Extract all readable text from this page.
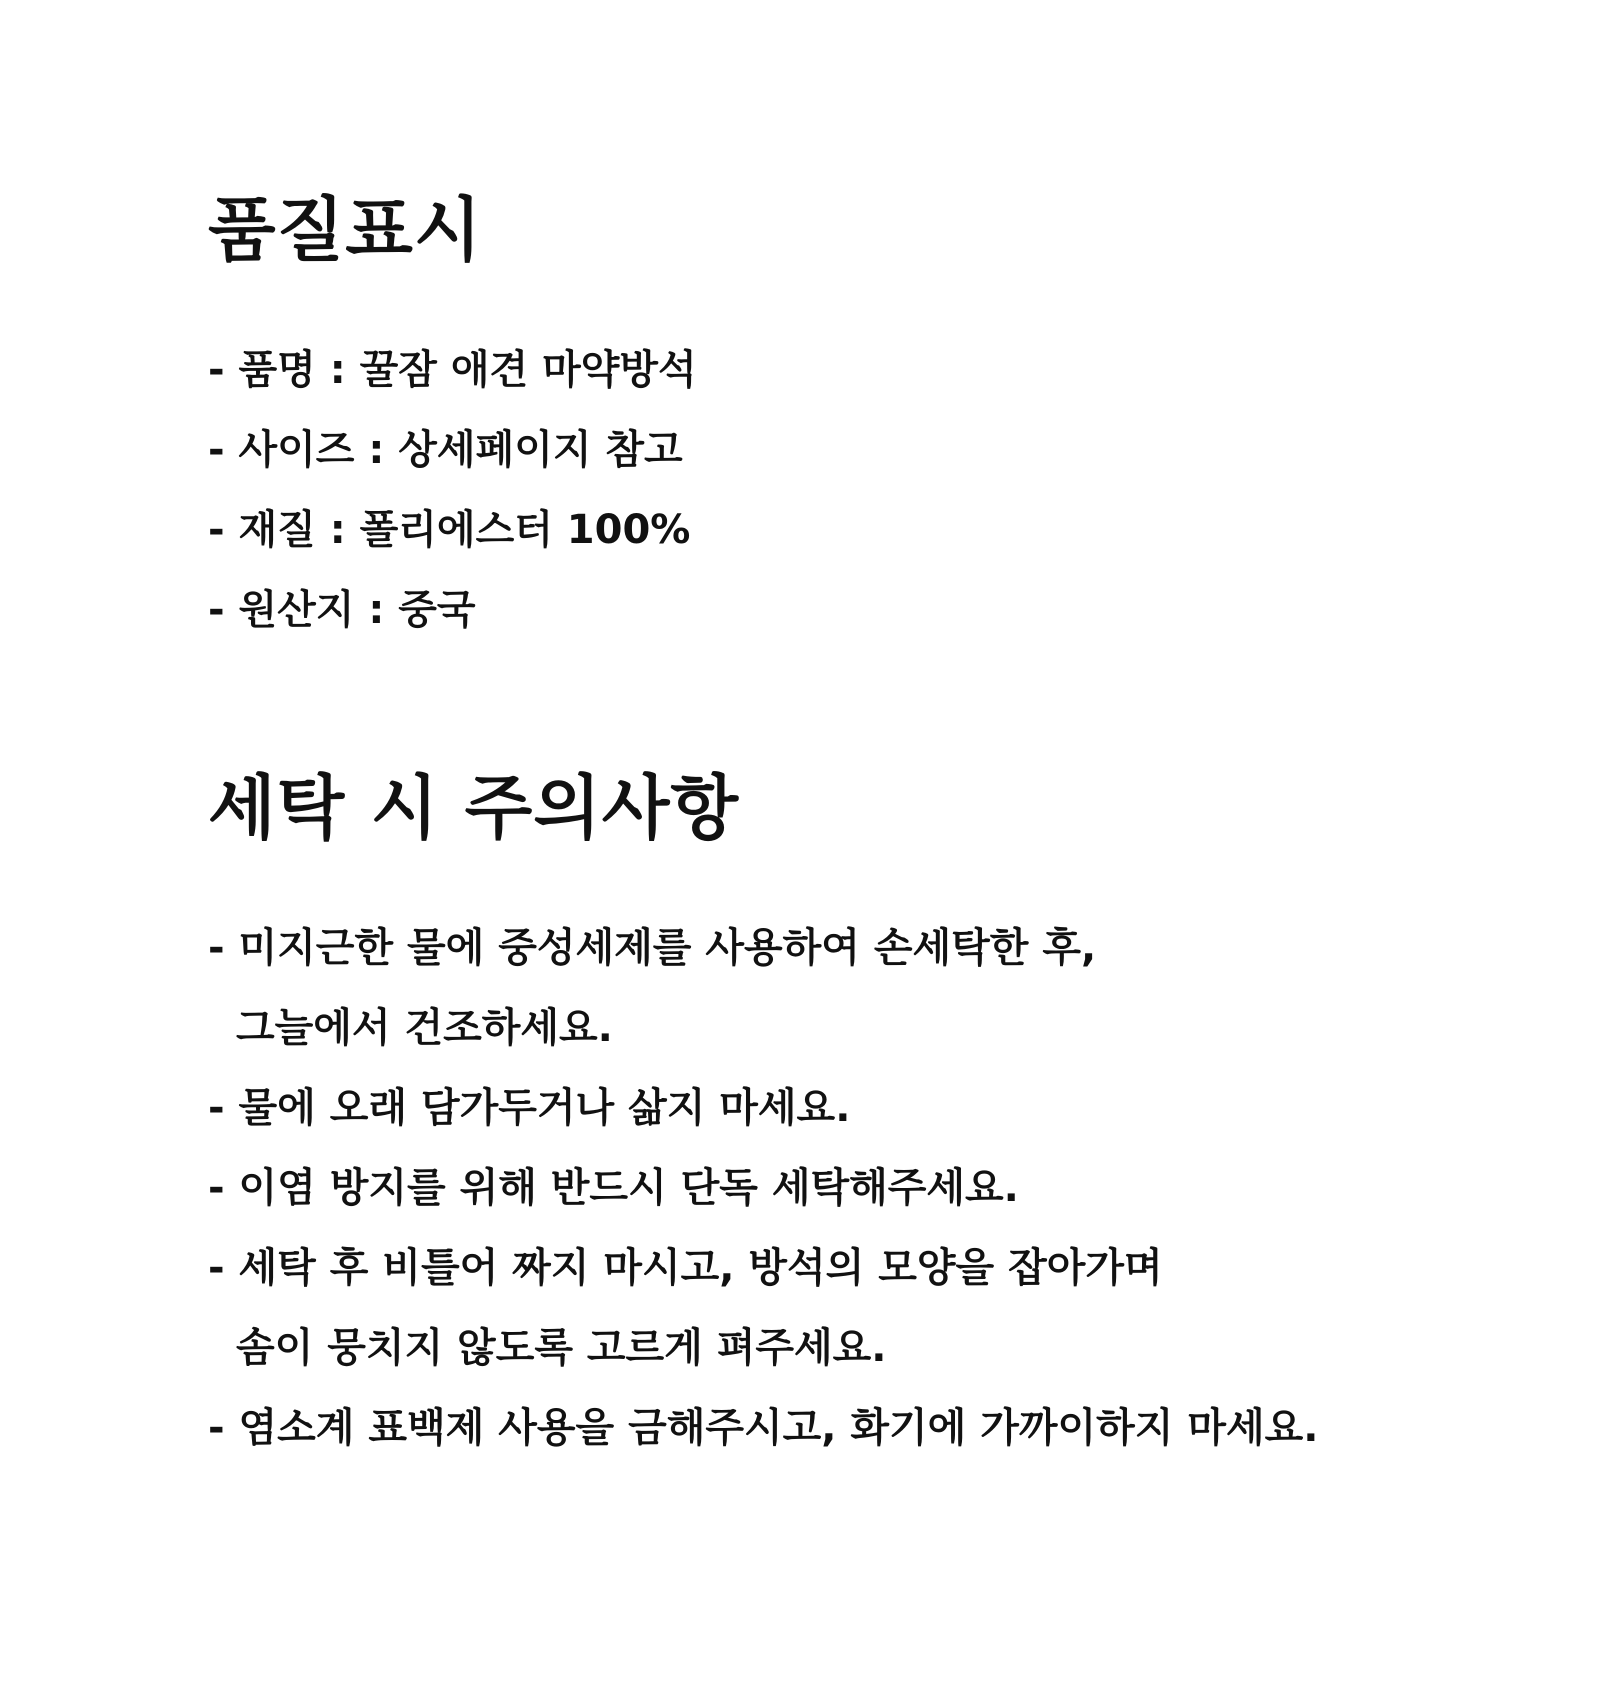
품질표시
- 품명 : 꿀잠 애견 마약방석
- 사이즈 : 상세페이지 참고
- 재질 : 폴리에스터 100%
- 원산지 : 중국
세탁 시 주의사항
- 미지근한 물에 중성세제를 사용하여 손세탁한 후,
그늘에서 건조하세요.
- 물에 오래 담가두거나 삶지 마세요.
- 이염 방지를 위해 반드시 단독 세탁해주세요.
- 세탁 후 비틀어 짜지 마시고, 방석의 모양을 잡아가며
솜이 뭉치지 않도록 고르게 펴주세요.
- 염소계 표백제 사용을 금해주시고, 화기에 가까이하지 마세요.
